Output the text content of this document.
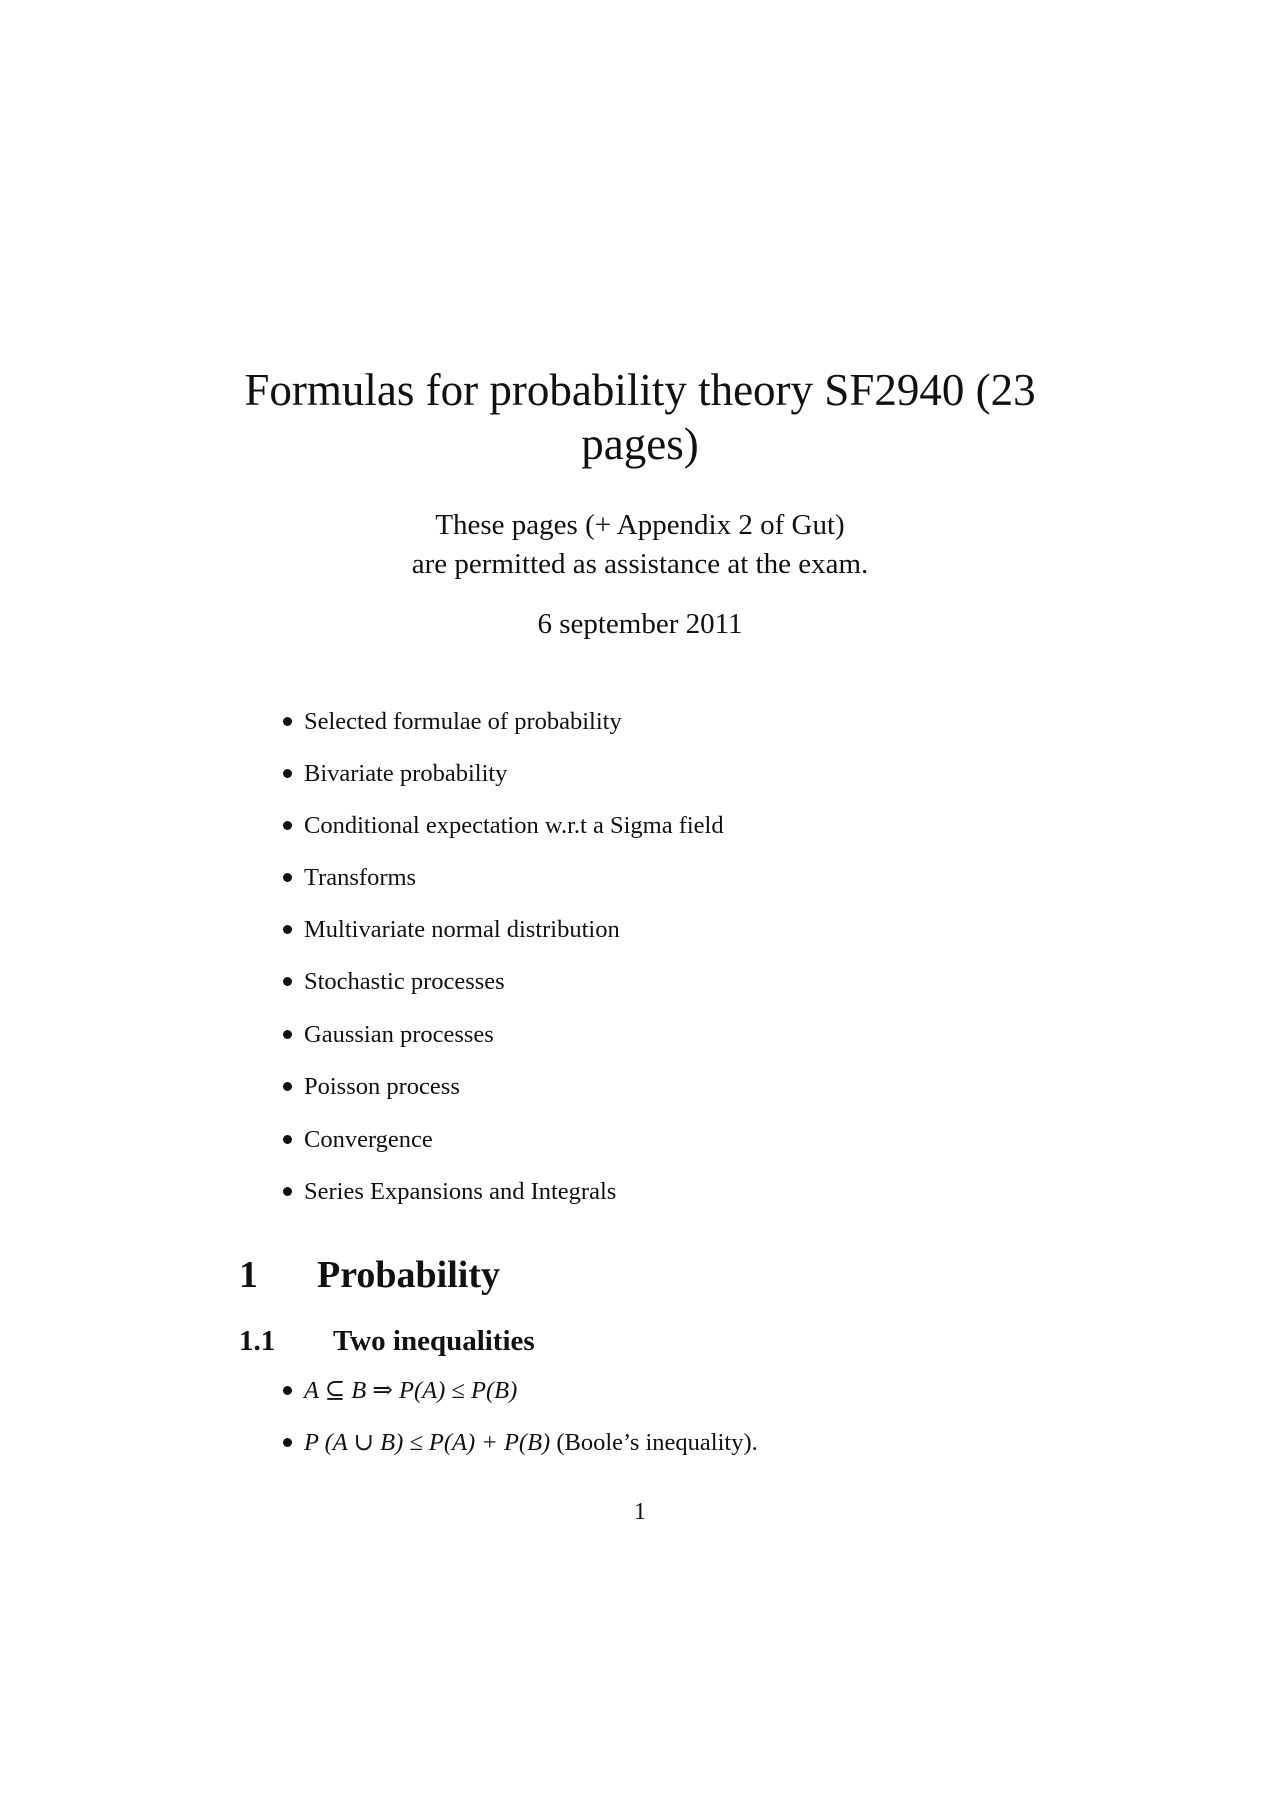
Formulas for probability theory SF2940 (23
pages)
These pages (+ Appendix 2 of Gut)
are permitted as assistance at the exam.
6 september 2011
Selected formulae of probability
Bivariate probability
Conditional expectation w.r.t a Sigma field
Transforms
Multivariate normal distribution
Stochastic processes
Gaussian processes
Poisson process
Convergence
Series Expansions and Integrals
1 Probability
1.1 Two inequalities
A ⊆ B ⇒ P(A) ≤ P(B)
P (A ∪ B) ≤ P(A) + P(B) (Boole’s inequality).
1
